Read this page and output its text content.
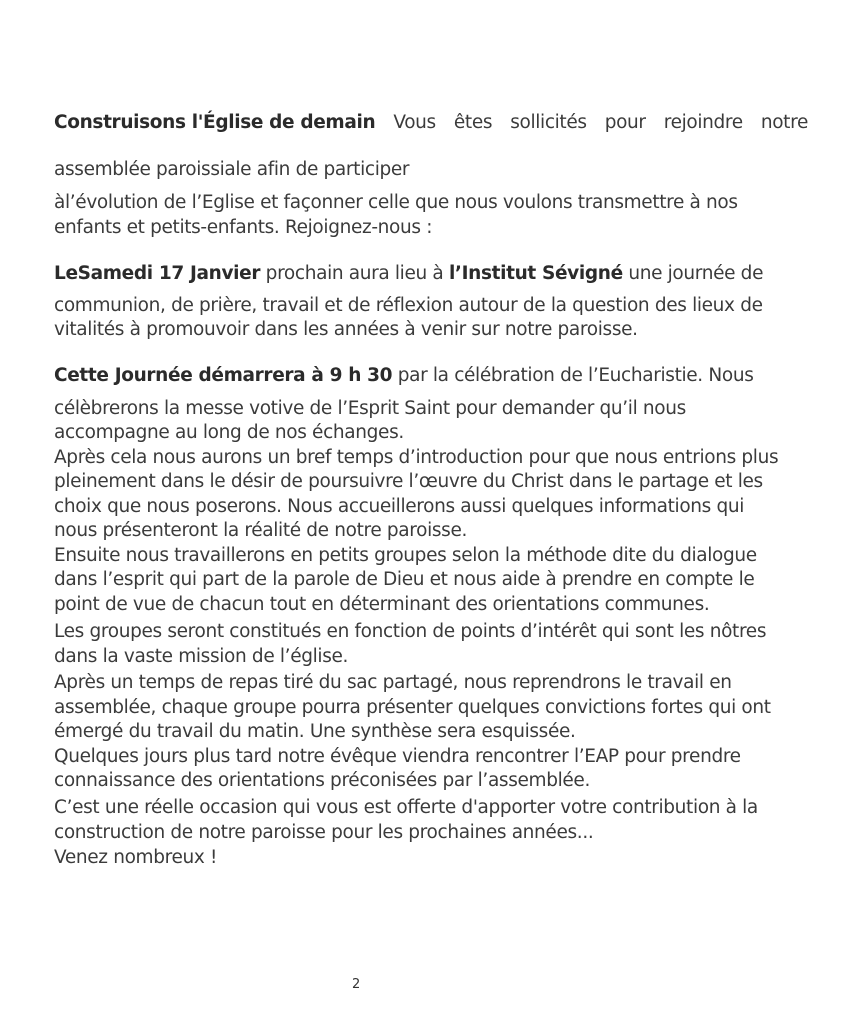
Construisons l'Église de demain Vous êtes sollicités pour rejoindre notre
assemblée paroissiale afin de participer
àl’évolution de l’Eglise et façonner celle que nous voulons transmettre à nos
enfants et petits-enfants. Rejoignez-nous :
LeSamedi 17 Janvier prochain aura lieu à l’Institut Sévigné une journée de
communion, de prière, travail et de réflexion autour de la question des lieux de
vitalités à promouvoir dans les années à venir sur notre paroisse.
Cette Journée démarrera à 9 h 30 par la célébration de l’Eucharistie. Nous
célèbrerons la messe votive de l’Esprit Saint pour demander qu’il nous
accompagne au long de nos échanges.
Après cela nous aurons un bref temps d’introduction pour que nous entrions plus
pleinement dans le désir de poursuivre l’œuvre du Christ dans le partage et les
choix que nous poserons. Nous accueillerons aussi quelques informations qui
nous présenteront la réalité de notre paroisse.
Ensuite nous travaillerons en petits groupes selon la méthode dite du dialogue
dans l’esprit qui part de la parole de Dieu et nous aide à prendre en compte le
point de vue de chacun tout en déterminant des orientations communes.
Les groupes seront constitués en fonction de points d’intérêt qui sont les nôtres
dans la vaste mission de l’église.
Après un temps de repas tiré du sac partagé, nous reprendrons le travail en
assemblée, chaque groupe pourra présenter quelques convictions fortes qui ont
émergé du travail du matin. Une synthèse sera esquissée.
Quelques jours plus tard notre évêque viendra rencontrer l’EAP pour prendre
connaissance des orientations préconisées par l’assemblée.
C’est une réelle occasion qui vous est offerte d'apporter votre contribution à la
construction de notre paroisse pour les prochaines années...
Venez nombreux !
2
